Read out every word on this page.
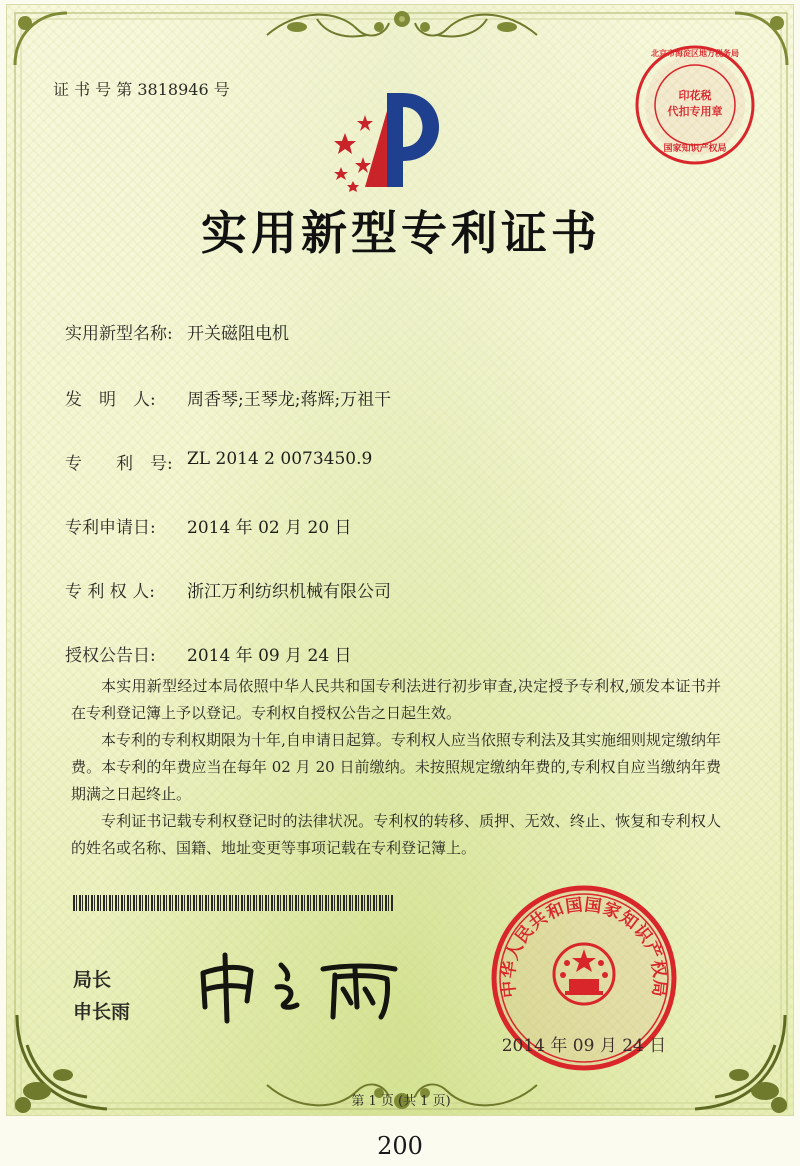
证 书 号 第 3818946 号
北京市海淀区地方税务局
印花税
代扣专用章
国家知识产权局
实用新型专利证书
实用新型名称: 开关磁阻电机
发　明　人: 周香琴;王琴龙;蒋辉;万祖干
专　　利　号: ZL 2014 2 0073450.9
专利申请日: 2014 年 02 月 20 日
专 利 权 人: 浙江万利纺织机械有限公司
授权公告日: 2014 年 09 月 24 日
本实用新型经过本局依照中华人民共和国专利法进行初步审查,决定授予专利权,颁发本证书并在专利登记簿上予以登记。专利权自授权公告之日起生效。
本专利的专利权期限为十年,自申请日起算。专利权人应当依照专利法及其实施细则规定缴纳年费。本专利的年费应当在每年 02 月 20 日前缴纳。未按照规定缴纳年费的,专利权自应当缴纳年费期满之日起终止。
专利证书记载专利权登记时的法律状况。专利权的转移、质押、无效、终止、恢复和专利权人的姓名或名称、国籍、地址变更等事项记载在专利登记簿上。
局长
申长雨
中华人民共和国国家知识产权局
2014 年 09 月 24 日
第 1 页 (共 1 页)
200
